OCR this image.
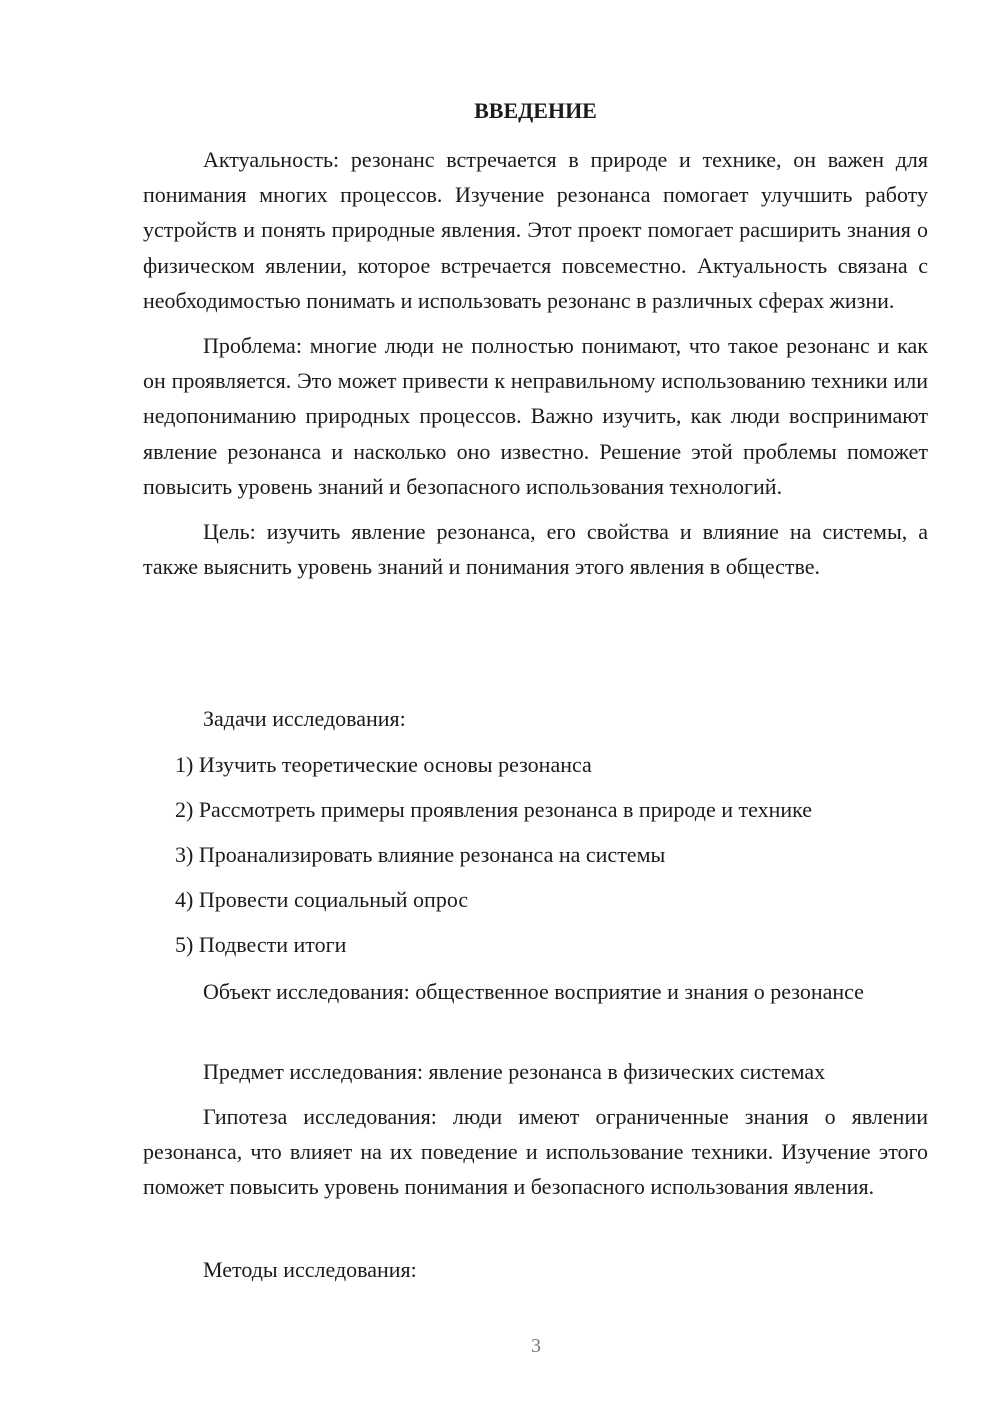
ВВЕДЕНИЕ

Актуальность: резонанс встречается в природе и технике, он важен для понимания многих процессов. Изучение резонанса помогает улучшить работу устройств и понять природные явления. Этот проект помогает расширить знания о физическом явлении, которое встречается повсеместно. Актуальность связана с необходимостью понимать и использовать резонанс в различных сферах жизни.

Проблема: многие люди не полностью понимают, что такое резонанс и как он проявляется. Это может привести к неправильному использованию техники или недопониманию природных процессов. Важно изучить, как люди воспринимают явление резонанса и насколько оно известно. Решение этой проблемы поможет повысить уровень знаний и безопасного использования технологий.

Цель: изучить явление резонанса, его свойства и влияние на системы, а также выяснить уровень знаний и понимания этого явления в обществе.

Задачи исследования:

1) Изучить теоретические основы резонанса

2) Рассмотреть примеры проявления резонанса в природе и технике

3) Проанализировать влияние резонанса на системы

4) Провести социальный опрос

5) Подвести итоги

Объект исследования: общественное восприятие и знания о резонансе

Предмет исследования: явление резонанса в физических системах

Гипотеза исследования: люди имеют ограниченные знания о явлении резонанса, что влияет на их поведение и использование техники. Изучение этого поможет повысить уровень понимания и безопасного использования явления.

Методы исследования:

3
